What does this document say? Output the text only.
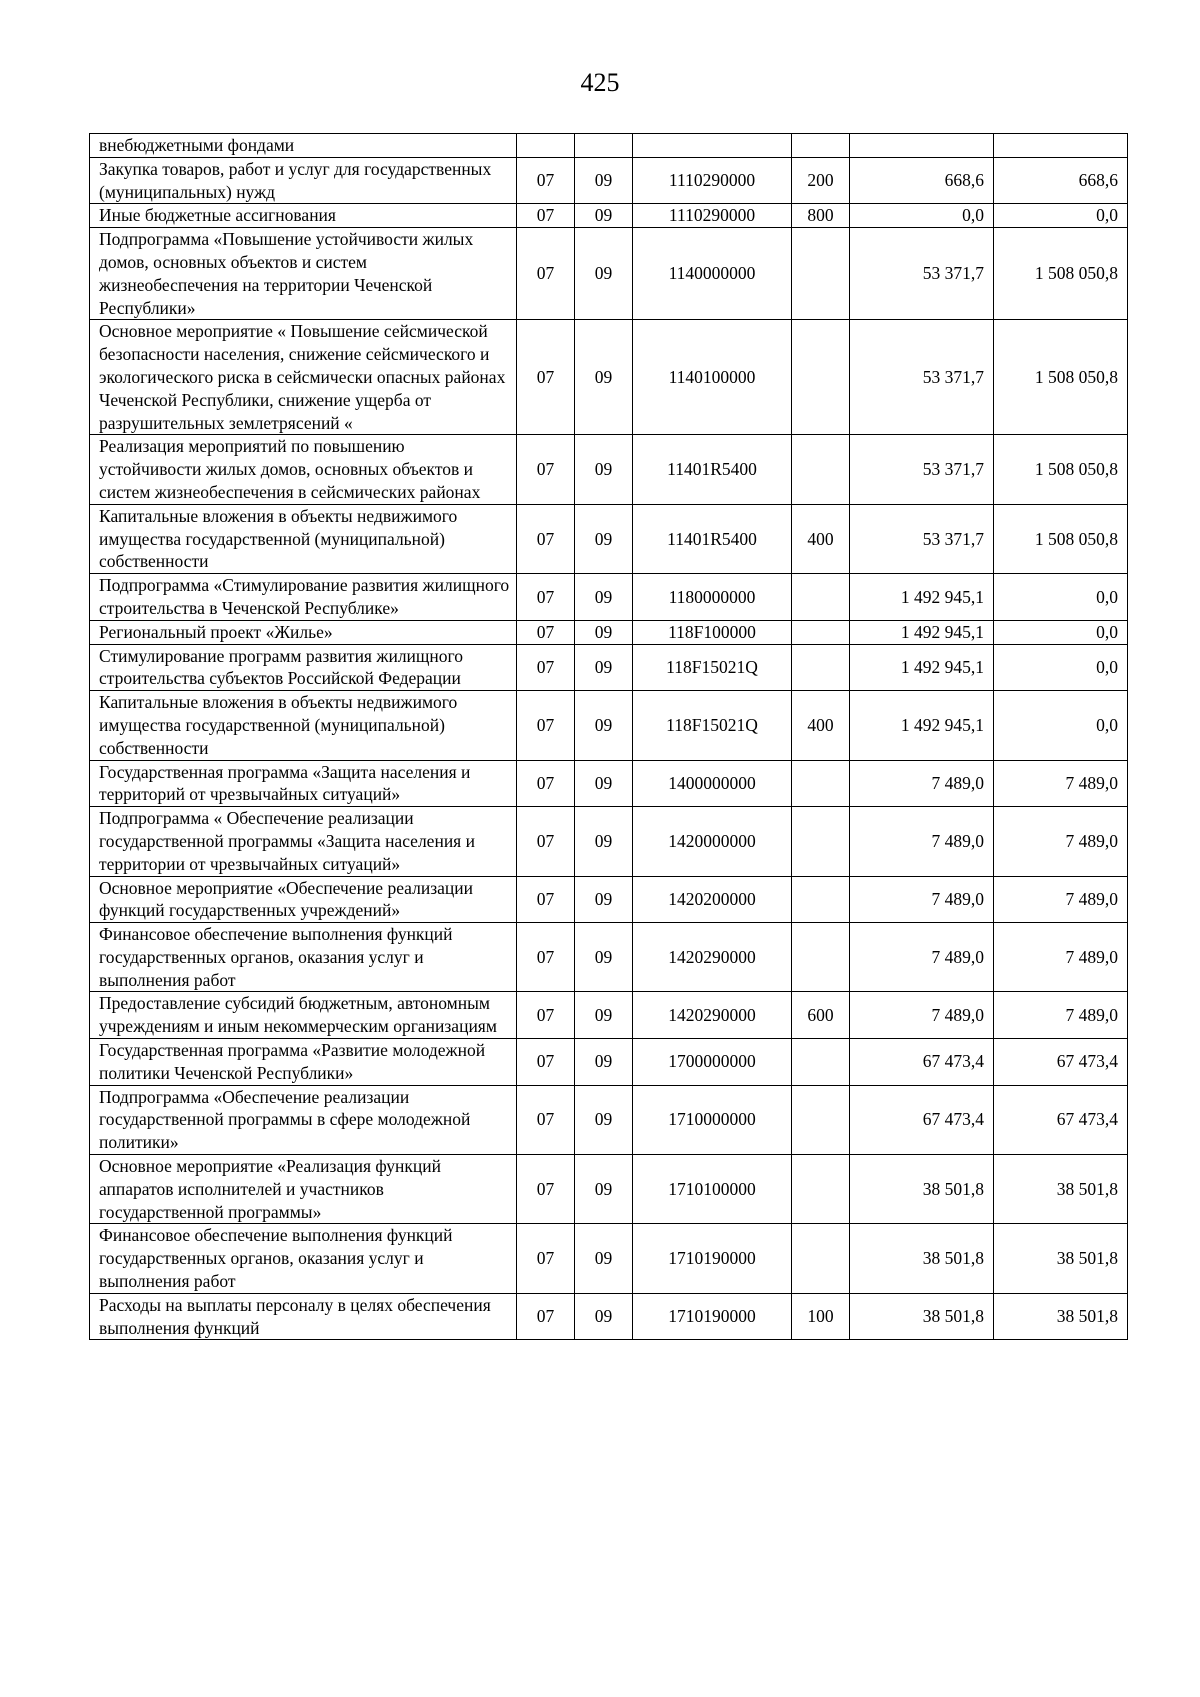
425
внебюджетными фондами						
Закупка товаров, работ и услуг для государственных (муниципальных) нужд	07	09	1110290000	200	668,6	668,6
Иные бюджетные ассигнования	07	09	1110290000	800	0,0	0,0
Подпрограмма «Повышение устойчивости жилых домов, основных объектов и систем жизнеобеспечения на территории Чеченской Республики»	07	09	1140000000		53 371,7	1 508 050,8
Основное мероприятие « Повышение сейсмической безопасности населения, снижение сейсмического и экологического риска в сейсмически опасных районах Чеченской Республики, снижение ущерба от разрушительных землетрясений «	07	09	1140100000		53 371,7	1 508 050,8
Реализация мероприятий по повышению устойчивости жилых домов, основных объектов и систем жизнеобеспечения в сейсмических районах	07	09	11401R5400		53 371,7	1 508 050,8
Капитальные вложения в объекты недвижимого имущества государственной (муниципальной) собственности	07	09	11401R5400	400	53 371,7	1 508 050,8
Подпрограмма «Стимулирование развития жилищного строительства в Чеченской Республике»	07	09	1180000000		1 492 945,1	0,0
Региональный проект «Жилье»	07	09	118F100000		1 492 945,1	0,0
Стимулирование программ развития жилищного строительства субъектов Российской Федерации	07	09	118F15021Q		1 492 945,1	0,0
Капитальные вложения в объекты недвижимого имущества государственной (муниципальной) собственности	07	09	118F15021Q	400	1 492 945,1	0,0
Государственная программа «Защита населения и территорий от чрезвычайных ситуаций»	07	09	1400000000		7 489,0	7 489,0
Подпрограмма « Обеспечение реализации государственной программы «Защита населения и территории от чрезвычайных ситуаций»	07	09	1420000000		7 489,0	7 489,0
Основное мероприятие «Обеспечение реализации функций государственных учреждений»	07	09	1420200000		7 489,0	7 489,0
Финансовое обеспечение выполнения функций государственных органов, оказания услуг и выполнения работ	07	09	1420290000		7 489,0	7 489,0
Предоставление субсидий бюджетным, автономным учреждениям и иным некоммерческим организациям	07	09	1420290000	600	7 489,0	7 489,0
Государственная программа «Развитие молодежной политики Чеченской Республики»	07	09	1700000000		67 473,4	67 473,4
Подпрограмма «Обеспечение реализации государственной программы в сфере молодежной политики»	07	09	1710000000		67 473,4	67 473,4
Основное мероприятие «Реализация функций аппаратов исполнителей и участников государственной программы»	07	09	1710100000		38 501,8	38 501,8
Финансовое обеспечение выполнения функций государственных органов, оказания услуг и выполнения работ	07	09	1710190000		38 501,8	38 501,8
Расходы на выплаты персоналу в целях обеспечения выполнения функций	07	09	1710190000	100	38 501,8	38 501,8
